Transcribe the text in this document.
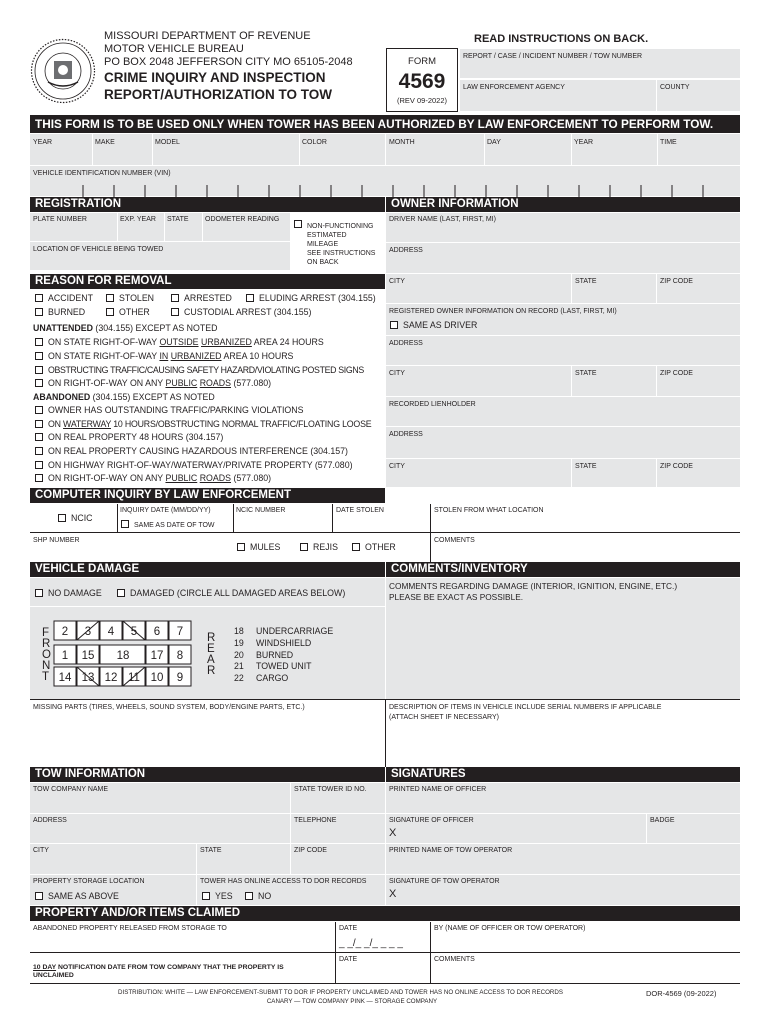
MISSOURI DEPARTMENT OF REVENUE
MOTOR VEHICLE BUREAU
PO BOX 2048 JEFFERSON CITY MO 65105-2048
CRIME INQUIRY AND INSPECTION
REPORT/AUTHORIZATION TO TOW
READ INSTRUCTIONS ON BACK.
FORM
4569
(REV 09-2022)
REPORT / CASE / INCIDENT NUMBER / TOW NUMBER
LAW ENFORCEMENT AGENCY	COUNTY
THIS FORM IS TO BE USED ONLY WHEN TOWER HAS BEEN AUTHORIZED BY LAW ENFORCEMENT TO PERFORM TOW.
YEAR	MAKE	MODEL	COLOR	MONTH	DAY	YEAR	TIME
VEHICLE IDENTIFICATION NUMBER (VIN)
REGISTRATION
PLATE NUMBER	EXP. YEAR STATE ODOMETER READING
NON-FUNCTIONING
ESTIMATED
MILEAGE
SEE INSTRUCTIONS
ON BACK
LOCATION OF VEHICLE BEING TOWED
OWNER INFORMATION
DRIVER NAME (LAST, FIRST, MI)
ADDRESS
CITY	STATE	ZIP CODE
REGISTERED OWNER INFORMATION ON RECORD (LAST, FIRST, MI)
SAME AS DRIVER
ADDRESS
CITY	STATE	ZIP CODE
RECORDED LIENHOLDER
ADDRESS
CITY	STATE	ZIP CODE
REASON FOR REMOVAL
ACCIDENT	STOLEN	ARRESTED	ELUDING ARREST (304.155)
BURNED	OTHER	CUSTODIAL ARREST (304.155)
UNATTENDED (304.155) EXCEPT AS NOTED
ON STATE RIGHT-OF-WAY OUTSIDE URBANIZED AREA 24 HOURS
ON STATE RIGHT-OF-WAY IN URBANIZED AREA 10 HOURS
OBSTRUCTING TRAFFIC/CAUSING SAFETY HAZARD/VIOLATING POSTED SIGNS
ON RIGHT-OF-WAY ON ANY PUBLIC ROADS (577.080)
ABANDONED (304.155) EXCEPT AS NOTED
OWNER HAS OUTSTANDING TRAFFIC/PARKING VIOLATIONS
ON WATERWAY 10 HOURS/OBSTRUCTING NORMAL TRAFFIC/FLOATING LOOSE
ON REAL PROPERTY 48 HOURS (304.157)
ON REAL PROPERTY CAUSING HAZARDOUS INTERFERENCE (304.157)
ON HIGHWAY RIGHT-OF-WAY/WATERWAY/PRIVATE PROPERTY (577.080)
ON RIGHT-OF-WAY ON ANY PUBLIC ROADS (577.080)
COMPUTER INQUIRY BY LAW ENFORCEMENT
NCIC
INQUIRY DATE (MM/DD/YY)
SAME AS DATE OF TOW
NCIC NUMBER	DATE STOLEN	STOLEN FROM WHAT LOCATION
SHP NUMBER
MULES	REJIS	OTHER
COMMENTS
VEHICLE DAMAGE
NO DAMAGE	DAMAGED (CIRCLE ALL DAMAGED AREAS BELOW)
F
R
O
N
T
R
E
A
R
2 3 4 5 6 7
1 15 18 17 8
14 13 12 11 10 9
18 UNDERCARRIAGE
19 WINDSHIELD
20 BURNED
21 TOWED UNIT
22 CARGO
MISSING PARTS (TIRES, WHEELS, SOUND SYSTEM, BODY/ENGINE PARTS, ETC.)
COMMENTS/INVENTORY
COMMENTS REGARDING DAMAGE (INTERIOR, IGNITION, ENGINE, ETC.)
PLEASE BE EXACT AS POSSIBLE.
DESCRIPTION OF ITEMS IN VEHICLE INCLUDE SERIAL NUMBERS IF APPLICABLE
(ATTACH SHEET IF NECESSARY)
TOW INFORMATION
TOW COMPANY NAME	STATE TOWER ID NO.
ADDRESS	TELEPHONE
CITY	STATE	ZIP CODE
PROPERTY STORAGE LOCATION
SAME AS ABOVE
TOWER HAS ONLINE ACCESS TO DOR RECORDS
YES	NO
SIGNATURES
PRINTED NAME OF OFFICER
SIGNATURE OF OFFICER
X
BADGE
PRINTED NAME OF TOW OPERATOR
SIGNATURE OF TOW OPERATOR
X
PROPERTY AND/OR ITEMS CLAIMED
ABANDONED PROPERTY RELEASED FROM STORAGE TO	DATE
_ _/_ _/_ _ _ _
BY (NAME OF OFFICER OR TOW OPERATOR)
10 DAY NOTIFICATION DATE FROM TOW COMPANY THAT THE PROPERTY IS
UNCLAIMED
DATE	COMMENTS
DISTRIBUTION: WHITE — LAW ENFORCEMENT-SUBMIT TO DOR IF PROPERTY UNCLAIMED AND TOWER HAS NO ONLINE ACCESS TO DOR RECORDS
CANARY — TOW COMPANY PINK — STORAGE COMPANY
DOR-4569 (09-2022)
